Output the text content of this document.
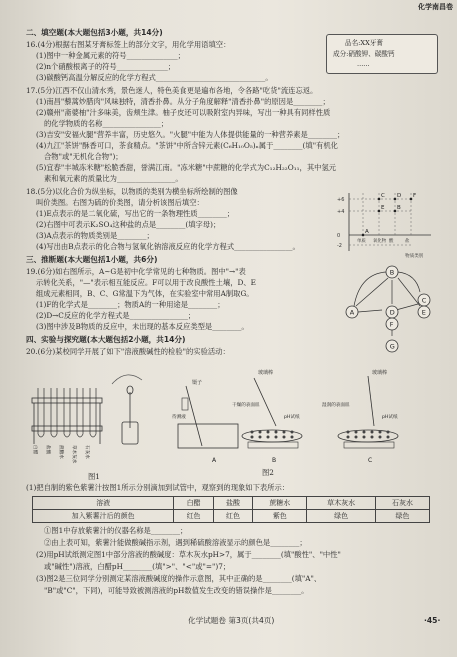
化学南昌卷
二、填空题(本大题包括3小题，共14分)
16.(4分)根据右图某牙膏标签上的部分文字，用化学用语填空：
(1)图中一种金属元素的符号______________；
(2)n个硝酸根离子的符号______________；
(3)碳酸钙高温分解反应的化学方程式______________________________。
品名:XX牙膏
成分:硝酸钾、碳酸钙
......
17.(5分)江西不仅山清水秀，景色迷人，特色美食更是遍布各地，令各路"吃货"流连忘返。
(1)南昌"藜蒿炒腊肉"风味独特，清香扑鼻。从分子角度解释"清香扑鼻"的原因是________；
(2)赣州"斋婆柚"汁多味美，齿颊生津。柚子皮还可以吸附室内异味，写出一种具有同样性质
的化学物质的名称________________；
(3)吉安"安福火腿"营养丰富，历史悠久。"火腿"中能为人体提供能量的一种营养素是________；
(4)九江"茶饼"酥香可口，茶食精点。"茶饼"中所含锌元素(C₆H₁₀O₅)ₙ属于________(填"有机化
合物"或"无机化合物")；
(5)宜春"丰城冻米糖"松脆香甜，誉满江南。"冻米糖"中蔗糖的化学式为C₁₂H₂₂O₁₁，其中氢元
素和氧元素的质量比为________________。
18.(5分)以化合价为纵坐标，以物质的类别为横坐标所绘制的图像
叫价类图。右图为硫的价类图，请分析该图后填空：
(1)E点表示的是二氧化硫，写出它的一条物理性质________；
(2)右图中可表示K₂SO₄这种盐的点是________(填字母)；
(3)A点表示的物质类别是________；
(4)写出由B点表示的化合物与氢氧化钠溶液反应的化学方程式________________。
+6
+4
0
-2
单质 氧化物 酸	盐
物质类别
A
B
C D
E
F
三、推断题(本大题包括1小题，共6分)
19.(6分)如右图所示，A~G是初中化学常见的七种物质。图中"→"表
示转化关系，"—"表示相互能反应。F可以用于改良酸性土壤，D、E
组成元素相同，B、C、G常温下为气体，在实验室中常用A制取G。
(1)F的化学式是________；物质A的一种用途是________；
(2)D→C反应的化学方程式是________________；
(3)图中涉及B物质的反应中，未出现的基本反应类型是________。
A
B
C
D	E
F
G
四、实验与探究题(本大题包括2小题，共14分)
20.(6分)某校同学开展了如下"溶液酸碱性的检验"的实验活动：
白醋	盐酸	蔗糖水	草木灰水	石灰水
图1
A	B	C
镊子
玻璃棒
干燥的表面皿
pH试纸
湿润的表面皿
pH试纸
待测液
玻璃棒
图2
(1)把自制的紫色紫薯汁按图1所示分别滴加到试管中，观察到的现象如下表所示：
溶液	白醋	盐酸	蔗糖水	草木灰水	石灰水
加入紫薯汁后的颜色	红色	红色	紫色	绿色	绿色
①图1中存放紫薯汁的仪器名称是________；
②由上表可知，紫薯汁能做酸碱指示剂，遇到稀硫酸溶液显示的颜色是________；
(2)用pH试纸测定图1中部分溶液的酸碱度：草木灰水pH>7，属于________(填"酸性"、"中性"
或"碱性")溶液，白醋pH________(填">"、"<"或"=")7；
(3)图2是三位同学分别测定某溶液酸碱度的操作示意图，其中正确的是________(填"A"、
"B"或"C"，下同)，可能导致被测溶液的pH数值发生改变的错误操作是________。
化学试题卷 第3页(共4页)	·45·
